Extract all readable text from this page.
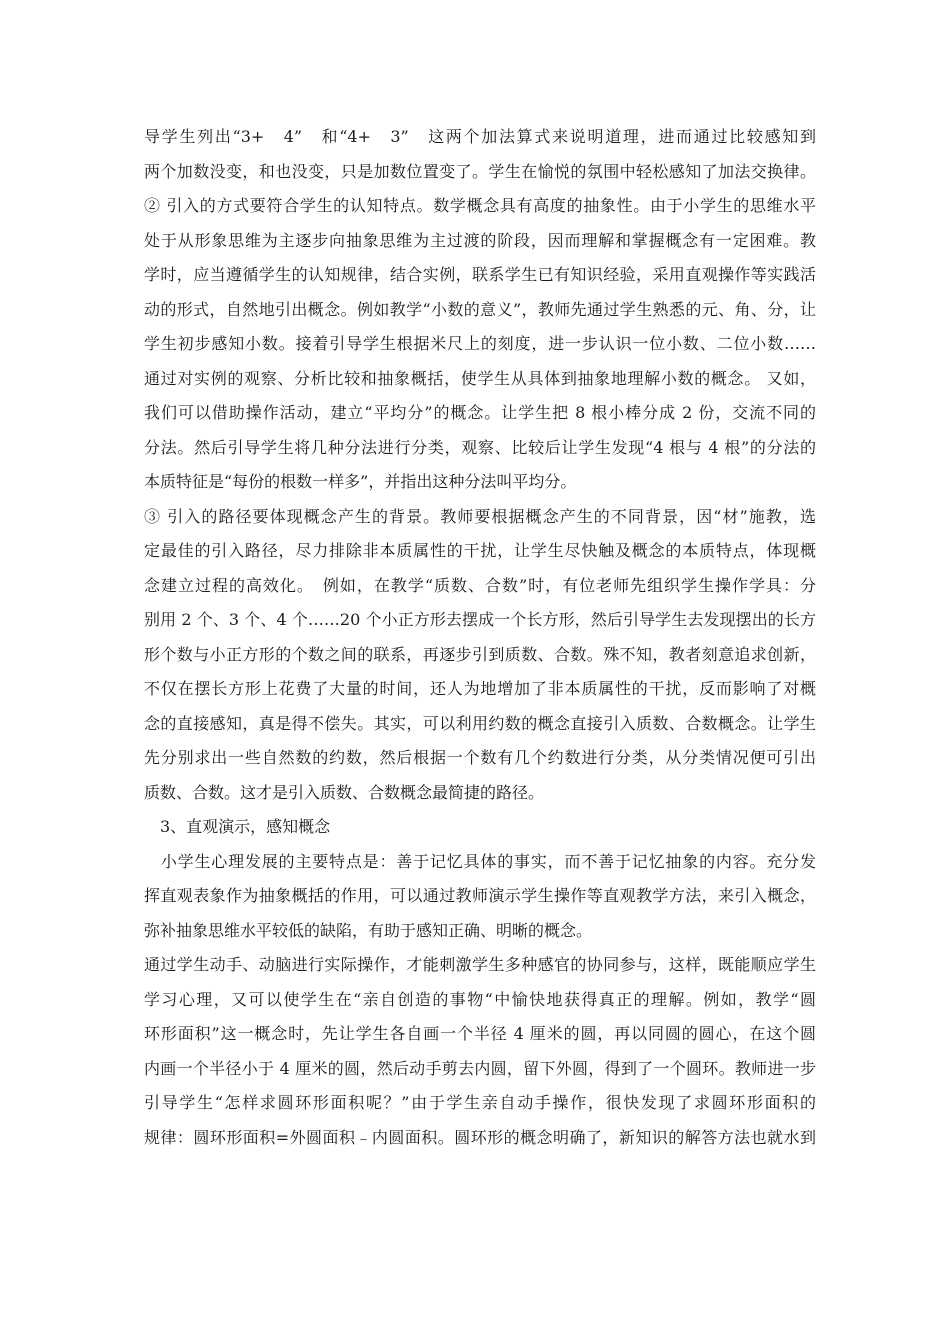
导学生列出“3+　4”　和“4+　3”　这两个加法算式来说明道理，进而通过比较感知到
两个加数没变，和也没变，只是加数位置变了。学生在愉悦的氛围中轻松感知了加法交换律。
② 引入的方式要符合学生的认知特点。数学概念具有高度的抽象性。由于小学生的思维水平
处于从形象思维为主逐步向抽象思维为主过渡的阶段，因而理解和掌握概念有一定困难。教
学时，应当遵循学生的认知规律，结合实例，联系学生已有知识经验，采用直观操作等实践活
动的形式，自然地引出概念。例如教学“小数的意义”，教师先通过学生熟悉的元、角、分，让
学生初步感知小数。接着引导学生根据米尺上的刻度，进一步认识一位小数、二位小数……
通过对实例的观察、分析比较和抽象概括，使学生从具体到抽象地理解小数的概念。 又如，
我们可以借助操作活动，建立“平均分”的概念。让学生把 8 根小棒分成 2 份，交流不同的
分法。然后引导学生将几种分法进行分类，观察、比较后让学生发现“4 根与 4 根”的分法的
本质特征是“每份的根数一样多”，并指出这种分法叫平均分。
③ 引入的路径要体现概念产生的背景。教师要根据概念产生的不同背景，因“材”施教，选
定最佳的引入路径，尽力排除非本质属性的干扰，让学生尽快触及概念的本质特点，体现概
念建立过程的高效化。　例如，在教学“质数、合数”时，有位老师先组织学生操作学具：分
别用 2 个、3 个、4 个……20 个小正方形去摆成一个长方形，然后引导学生去发现摆出的长方
形个数与小正方形的个数之间的联系，再逐步引到质数、合数。殊不知，教者刻意追求创新，
不仅在摆长方形上花费了大量的时间，还人为地增加了非本质属性的干扰，反而影响了对概
念的直接感知，真是得不偿失。其实，可以利用约数的概念直接引入质数、合数概念。让学生
先分别求出一些自然数的约数，然后根据一个数有几个约数进行分类，从分类情况便可引出
质数、合数。这才是引入质数、合数概念最简捷的路径。
　3、直观演示，感知概念
　小学生心理发展的主要特点是：善于记忆具体的事实，而不善于记忆抽象的内容。充分发
挥直观表象作为抽象概括的作用，可以通过教师演示学生操作等直观教学方法，来引入概念，
弥补抽象思维水平较低的缺陷，有助于感知正确、明晰的概念。
通过学生动手、动脑进行实际操作，才能刺激学生多种感官的协同参与，这样，既能顺应学生
学习心理，又可以使学生在“亲自创造的事物“中愉快地获得真正的理解。例如，教学“圆
环形面积”这一概念时，先让学生各自画一个半径 4 厘米的圆，再以同圆的圆心，在这个圆
内画一个半径小于 4 厘米的圆，然后动手剪去内圆，留下外圆，得到了一个圆环。教师进一步
引导学生“怎样求圆环形面积呢？”由于学生亲自动手操作，很快发现了求圆环形面积的
规律：圆环形面积=外圆面积﹣内圆面积。圆环形的概念明确了，新知识的解答方法也就水到
